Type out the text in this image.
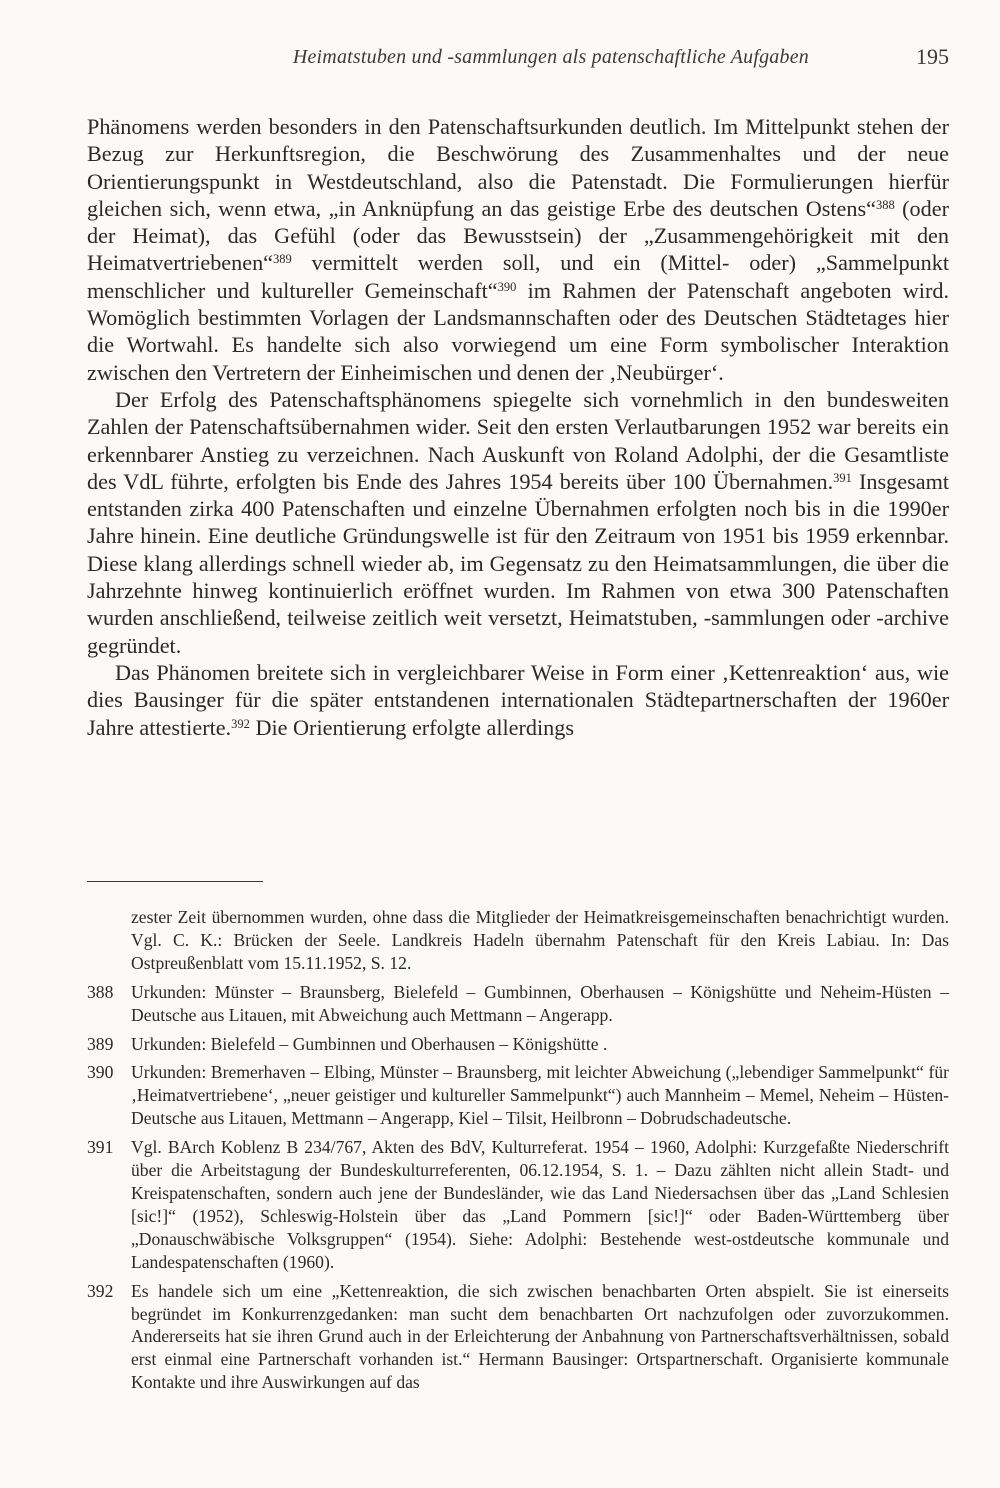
Heimatstuben und -sammlungen als patenschaftliche Aufgaben	195

Phänomens werden besonders in den Patenschaftsurkunden deutlich. Im Mittelpunkt stehen der Bezug zur Herkunftsregion, die Beschwörung des Zusammenhaltes und der neue Orientierungspunkt in Westdeutschland, also die Patenstadt. Die Formulierungen hierfür gleichen sich, wenn etwa, „in Anknüpfung an das geistige Erbe des deutschen Ostens“$^{388}$ (oder der Heimat), das Gefühl (oder das Bewusstsein) der „Zusammengehörigkeit mit den Heimatvertriebenen“$^{389}$ vermittelt werden soll, und ein (Mittel- oder) „Sammelpunkt menschlicher und kultureller Gemeinschaft“$^{390}$ im Rahmen der Patenschaft angeboten wird. Womöglich bestimmten Vorlagen der Landsmannschaften oder des Deutschen Städtetages hier die Wortwahl. Es handelte sich also vorwiegend um eine Form symbolischer Interaktion zwischen den Vertretern der Einheimischen und denen der ‚Neubürger‘.

Der Erfolg des Patenschaftsphänomens spiegelte sich vornehmlich in den bundesweiten Zahlen der Patenschaftsübernahmen wider. Seit den ersten Verlautbarungen 1952 war bereits ein erkennbarer Anstieg zu verzeichnen. Nach Auskunft von Roland Adolphi, der die Gesamtliste des VdL führte, erfolgten bis Ende des Jahres 1954 bereits über 100 Übernahmen.$^{391}$ Insgesamt entstanden zirka 400 Patenschaften und einzelne Übernahmen erfolgten noch bis in die 1990er Jahre hinein. Eine deutliche Gründungswelle ist für den Zeitraum von 1951 bis 1959 erkennbar. Diese klang allerdings schnell wieder ab, im Gegensatz zu den Heimatsammlungen, die über die Jahrzehnte hinweg kontinuierlich eröffnet wurden. Im Rahmen von etwa 300 Patenschaften wurden anschließend, teilweise zeitlich weit versetzt, Heimatstuben, -sammlungen oder -archive gegründet.

Das Phänomen breitete sich in vergleichbarer Weise in Form einer ‚Kettenreaktion‘ aus, wie dies Bausinger für die später entstandenen internationalen Städtepartnerschaften der 1960er Jahre attestierte.$^{392}$ Die Orientierung erfolgte allerdings

zester Zeit übernommen wurden, ohne dass die Mitglieder der Heimatkreisgemeinschaften benachrichtigt wurden. Vgl. C. K.: Brücken der Seele. Landkreis Hadeln übernahm Patenschaft für den Kreis Labiau. In: Das Ostpreußenblatt vom 15.11.1952, S. 12.
388 Urkunden: Münster – Braunsberg, Bielefeld – Gumbinnen, Oberhausen – Königshütte und Neheim-Hüsten – Deutsche aus Litauen, mit Abweichung auch Mettmann – Angerapp.
389 Urkunden: Bielefeld – Gumbinnen und Oberhausen – Königshütte .
390 Urkunden: Bremerhaven – Elbing, Münster – Braunsberg, mit leichter Abweichung („lebendiger Sammelpunkt“ für ‚Heimatvertriebene‘, „neuer geistiger und kultureller Sammelpunkt“) auch Mannheim – Memel, Neheim – Hüsten-Deutsche aus Litauen, Mettmann – Angerapp, Kiel – Tilsit, Heilbronn – Dobrudschadeutsche.
391 Vgl. BArch Koblenz B 234/767, Akten des BdV, Kulturreferat. 1954 – 1960, Adolphi: Kurzgefaßte Niederschrift über die Arbeitstagung der Bundeskulturreferenten, 06.12.1954, S. 1. – Dazu zählten nicht allein Stadt- und Kreispatenschaften, sondern auch jene der Bundesländer, wie das Land Niedersachsen über das „Land Schlesien [sic!]“ (1952), Schleswig-Holstein über das „Land Pommern [sic!]“ oder Baden-Württemberg über „Donauschwäbische Volksgruppen“ (1954). Siehe: Adolphi: Bestehende west-ostdeutsche kommunale und Landespatenschaften (1960).
392 Es handele sich um eine „Kettenreaktion, die sich zwischen benachbarten Orten abspielt. Sie ist einerseits begründet im Konkurrenzgedanken: man sucht dem benachbarten Ort nachzufolgen oder zuvorzukommen. Andererseits hat sie ihren Grund auch in der Erleichterung der Anbahnung von Partnerschaftsverhältnissen, sobald erst einmal eine Partnerschaft vorhanden ist.“ Hermann Bausinger: Ortspartnerschaft. Organisierte kommunale Kontakte und ihre Auswirkungen auf das
